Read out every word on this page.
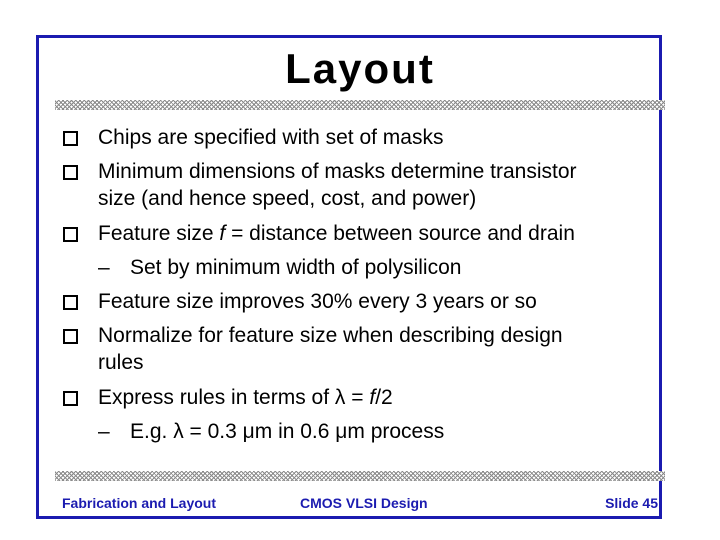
Layout
Chips are specified with set of masks
Minimum dimensions of masks determine transistor
size (and hence speed, cost, and power)
Feature size f = distance between source and drain
– Set by minimum width of polysilicon
Feature size improves 30% every 3 years or so
Normalize for feature size when describing design
rules
Express rules in terms of λ = f/2
– E.g. λ = 0.3 μm in 0.6 μm process
Fabrication and Layout	CMOS VLSI Design	Slide 45
